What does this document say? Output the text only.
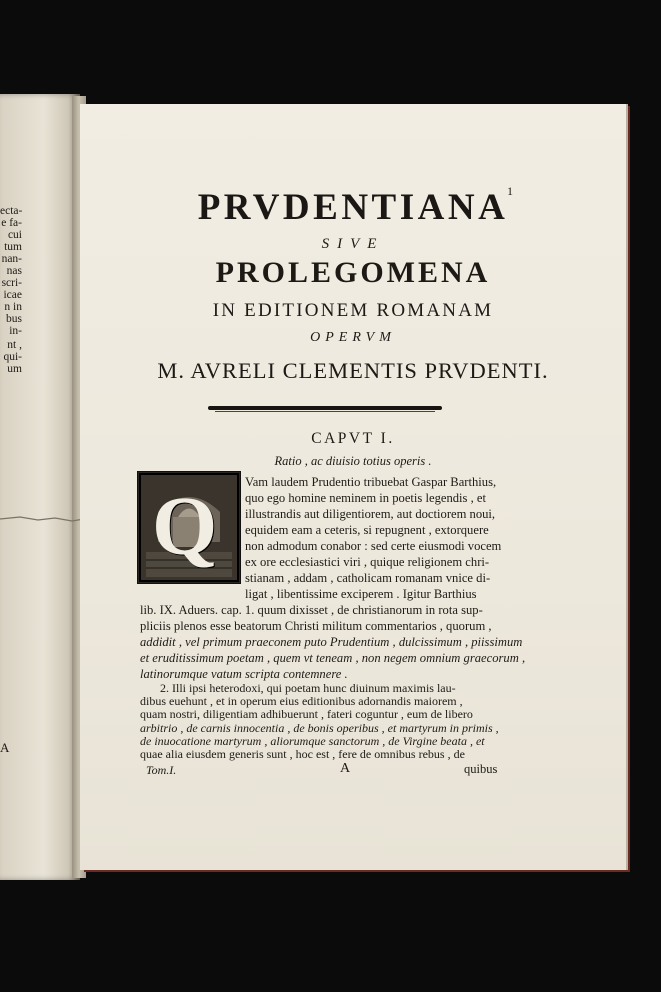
ecta-
e fa-
cui
tum
nan-
nas
scri-
icae
n in
bus
in-
nt ,
qui-
um
A
1
PRVDENTIANA
SIVE
PROLEGOMENA
IN EDITIONEM ROMANAM
OPERVM
M. AVRELI CLEMENTIS PRVDENTI.
CAPVT I.
Ratio , ac diuisio totius operis .
Q Vam laudem Prudentio tribuebat Gaspar Barthius,
quo ego homine neminem in poetis legendis , et
illustrandis aut diligentiorem, aut doctiorem noui,
equidem eam a ceteris, si repugnent , extorquere
non admodum conabor : sed certe eiusmodi vocem
ex ore ecclesiastici viri , quique religionem chri-
stianam , addam , catholicam romanam vnice di-
ligat , libentissime exciperem . Igitur Barthius
lib. IX. Aduers. cap. 1. quum dixisset , de christianorum in rota sup-
pliciis plenos esse beatorum Christi militum commentarios , quorum ,
addidit , vel primum praeconem puto Prudentium , dulcissimum , piissimum
et eruditissimum poetam , quem vt teneam , non negem omnium graecorum ,
latinorumque vatum scripta contemnere .
2. Illi ipsi heterodoxi, qui poetam hunc diuinum maximis lau-
dibus euehunt , et in operum eius editionibus adornandis maiorem ,
quam nostri, diligentiam adhibuerunt , fateri coguntur , eum de libero
arbitrio , de carnis innocentia , de bonis operibus , et martyrum in primis ,
de inuocatione martyrum , aliorumque sanctorum , de Virgine beata , et
quae alia eiusdem generis sunt , hoc est , fere de omnibus rebus , de
Tom.I.	A	quibus
